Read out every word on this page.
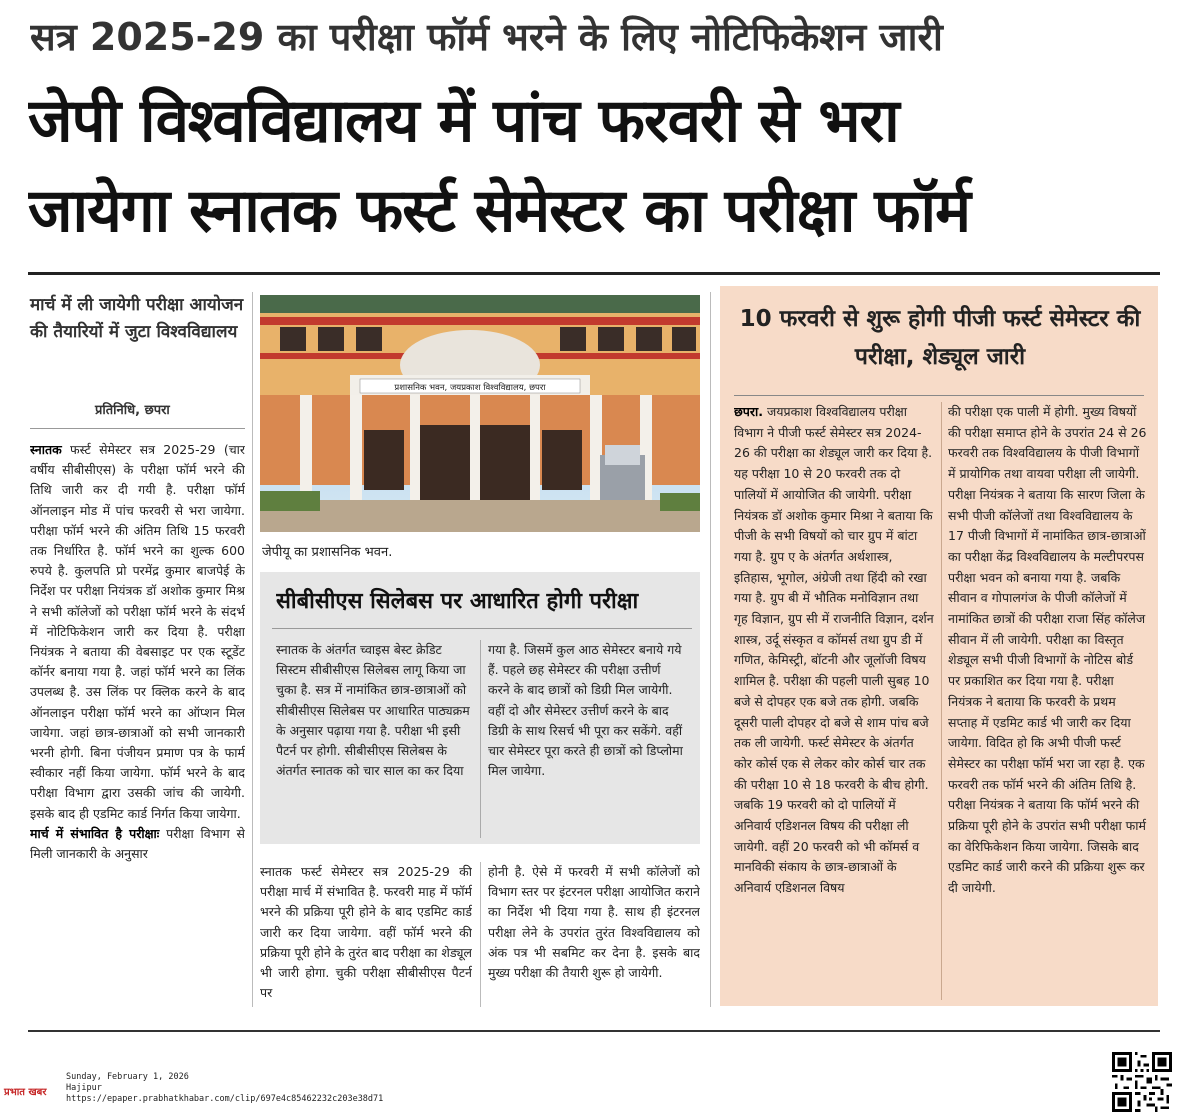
सत्र 2025-29 का परीक्षा फॉर्म भरने के लिए नोटिफिकेशन जारी
जेपी विश्वविद्यालय में पांच फरवरी से भरा
जायेगा स्नातक फर्स्ट सेमेस्टर का परीक्षा फॉर्म
मार्च में ली जायेगी परीक्षा आयोजन की तैयारियों में जुटा विश्वविद्यालय
प्रतिनिधि, छपरा
स्नातक फर्स्ट सेमेस्टर सत्र 2025-29 (चार वर्षीय सीबीसीएस) के परीक्षा फॉर्म भरने की तिथि जारी कर दी गयी है. परीक्षा फॉर्म ऑनलाइन मोड में पांच फरवरी से भरा जायेगा. परीक्षा फॉर्म भरने की अंतिम तिथि 15 फरवरी तक निर्धारित है. फॉर्म भरने का शुल्क 600 रुपये है. कुलपति प्रो परमेंद्र कुमार बाजपेई के निर्देश पर परीक्षा नियंत्रक डॉ अशोक कुमार मिश्र ने सभी कॉलेजों को परीक्षा फॉर्म भरने के संदर्भ में नोटिफिकेशन जारी कर दिया है. परीक्षा नियंत्रक ने बताया की वेबसाइट पर एक स्टूडेंट कॉर्नर बनाया गया है. जहां फॉर्म भरने का लिंक उपलब्ध है. उस लिंक पर क्लिक करने के बाद ऑनलाइन परीक्षा फॉर्म भरने का ऑप्शन मिल जायेगा. जहां छात्र-छात्राओं को सभी जानकारी भरनी होगी. बिना पंजीयन प्रमाण पत्र के फार्म स्वीकार नहीं किया जायेगा. फॉर्म भरने के बाद परीक्षा विभाग द्वारा उसकी जांच की जायेगी. इसके बाद ही एडमिट कार्ड निर्गत किया जायेगा.
मार्च में संभावित है परीक्षाः परीक्षा विभाग से मिली जानकारी के अनुसार
प्रशासनिक भवन, जयप्रकाश विश्वविद्यालय, छपरा
जेपीयू का प्रशासनिक भवन.
सीबीसीएस सिलेबस पर आधारित होगी परीक्षा
स्नातक के अंतर्गत च्वाइस बेस्ट क्रेडिट सिस्टम सीबीसीएस सिलेबस लागू किया जा चुका है. सत्र में नामांकित छात्र-छात्राओं को सीबीसीएस सिलेबस पर आधारित पाठ्यक्रम के अनुसार पढ़ाया गया है. परीक्षा भी इसी पैटर्न पर होगी. सीबीसीएस सिलेबस के अंतर्गत स्नातक को चार साल का कर दिया
गया है. जिसमें कुल आठ सेमेस्टर बनाये गये हैं. पहले छह सेमेस्टर की परीक्षा उत्तीर्ण करने के बाद छात्रों को डिग्री मिल जायेगी. वहीं दो और सेमेस्टर उत्तीर्ण करने के बाद डिग्री के साथ रिसर्च भी पूरा कर सकेंगे. वहीं चार सेमेस्टर पूरा करते ही छात्रों को डिप्लोमा मिल जायेगा.
स्नातक फर्स्ट सेमेस्टर सत्र 2025-29 की परीक्षा मार्च में संभावित है. फरवरी माह में फॉर्म भरने की प्रक्रिया पूरी होने के बाद एडमिट कार्ड जारी कर दिया जायेगा. वहीं फॉर्म भरने की प्रक्रिया पूरी होने के तुरंत बाद परीक्षा का शेड्यूल भी जारी होगा. चुकी परीक्षा सीबीसीएस पैटर्न पर
होनी है. ऐसे में फरवरी में सभी कॉलेजों को विभाग स्तर पर इंटरनल परीक्षा आयोजित कराने का निर्देश भी दिया गया है. साथ ही इंटरनल परीक्षा लेने के उपरांत तुरंत विश्वविद्यालय को अंक पत्र भी सबमिट कर देना है. इसके बाद मुख्य परीक्षा की तैयारी शुरू हो जायेगी.
10 फरवरी से शुरू होगी पीजी फर्स्ट सेमेस्टर की परीक्षा, शेड्यूल जारी
छपरा. जयप्रकाश विश्वविद्यालय परीक्षा विभाग ने पीजी फर्स्ट सेमेस्टर सत्र 2024-26 की परीक्षा का शेड्यूल जारी कर दिया है. यह परीक्षा 10 से 20 फरवरी तक दो पालियों में आयोजित की जायेगी. परीक्षा नियंत्रक डॉ अशोक कुमार मिश्रा ने बताया कि पीजी के सभी विषयों को चार ग्रुप में बांटा गया है. ग्रुप ए के अंतर्गत अर्थशास्त्र, इतिहास, भूगोल, अंग्रेजी तथा हिंदी को रखा गया है. ग्रुप बी में भौतिक मनोविज्ञान तथा गृह विज्ञान, ग्रुप सी में राजनीति विज्ञान, दर्शन शास्त्र, उर्दू संस्कृत व कॉमर्स तथा ग्रुप डी में गणित, केमिस्ट्री, बॉटनी और जूलॉजी विषय शामिल है. परीक्षा की पहली पाली सुबह 10 बजे से दोपहर एक बजे तक होगी. जबकि दूसरी पाली दोपहर दो बजे से शाम पांच बजे तक ली जायेगी. फर्स्ट सेमेस्टर के अंतर्गत कोर कोर्स एक से लेकर कोर कोर्स चार तक की परीक्षा 10 से 18 फरवरी के बीच होगी. जबकि 19 फरवरी को दो पालियों में अनिवार्य एडिशनल विषय की परीक्षा ली जायेगी. वहीं 20 फरवरी को भी कॉमर्स व मानविकी संकाय के छात्र-छात्राओं के अनिवार्य एडिशनल विषय
की परीक्षा एक पाली में होगी. मुख्य विषयों की परीक्षा समाप्त होने के उपरांत 24 से 26 फरवरी तक विश्वविद्यालय के पीजी विभागों में प्रायोगिक तथा वायवा परीक्षा ली जायेगी. परीक्षा नियंत्रक ने बताया कि सारण जिला के सभी पीजी कॉलेजों तथा विश्वविद्यालय के 17 पीजी विभागों में नामांकित छात्र-छात्राओं का परीक्षा केंद्र विश्वविद्यालय के मल्टीपरपस परीक्षा भवन को बनाया गया है. जबकि सीवान व गोपालगंज के पीजी कॉलेजों में नामांकित छात्रों की परीक्षा राजा सिंह कॉलेज सीवान में ली जायेगी. परीक्षा का विस्तृत शेड्यूल सभी पीजी विभागों के नोटिस बोर्ड पर प्रकाशित कर दिया गया है. परीक्षा नियंत्रक ने बताया कि फरवरी के प्रथम सप्ताह में एडमिट कार्ड भी जारी कर दिया जायेगा. विदित हो कि अभी पीजी फर्स्ट सेमेस्टर का परीक्षा फॉर्म भरा जा रहा है. एक फरवरी तक फॉर्म भरने की अंतिम तिथि है. परीक्षा नियंत्रक ने बताया कि फॉर्म भरने की प्रक्रिया पूरी होने के उपरांत सभी परीक्षा फार्म का वेरिफिकेशन किया जायेगा. जिसके बाद एडमिट कार्ड जारी करने की प्रक्रिया शुरू कर दी जायेगी.
प्रभात खबर
Sunday, February 1, 2026
Hajipur
https://epaper.prabhatkhabar.com/clip/697e4c85462232c203e38d71
